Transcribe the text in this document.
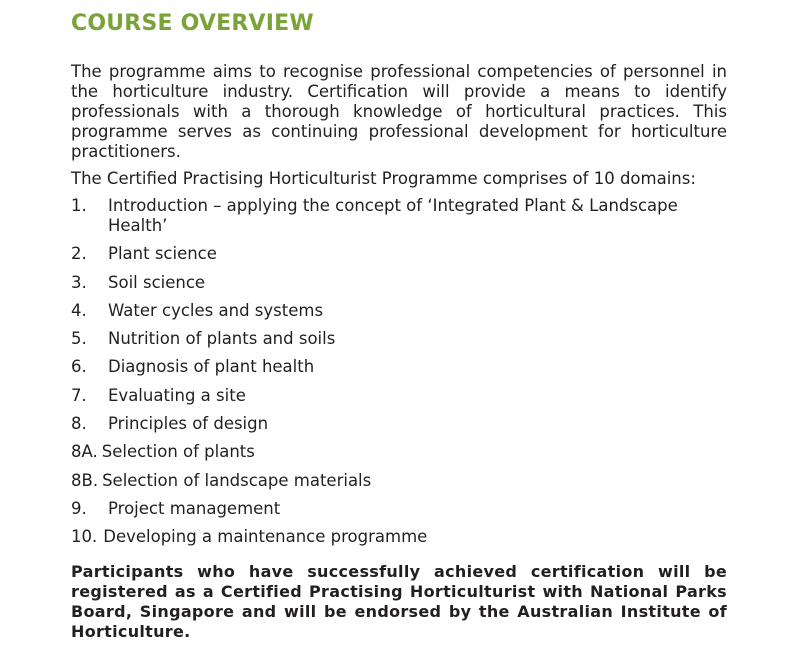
COURSE OVERVIEW

The programme aims to recognise professional competencies of personnel in the horticulture industry. Certification will provide a means to identify professionals with a thorough knowledge of horticultural practices. This programme serves as continuing professional development for horticulture practitioners.

The Certified Practising Horticulturist Programme comprises of 10 domains:

1.	Introduction – applying the concept of ‘Integrated Plant & Landscape Health’
2.	Plant science
3.	Soil science
4.	Water cycles and systems
5.	Nutrition of plants and soils
6.	Diagnosis of plant health
7.	Evaluating a site
8.	Principles of design
8A. Selection of plants
8B. Selection of landscape materials
9.	Project management
10. Developing a maintenance programme

Participants who have successfully achieved certification will be registered as a Certified Practising Horticulturist with National Parks Board, Singapore and will be endorsed by the Australian Institute of Horticulture.
